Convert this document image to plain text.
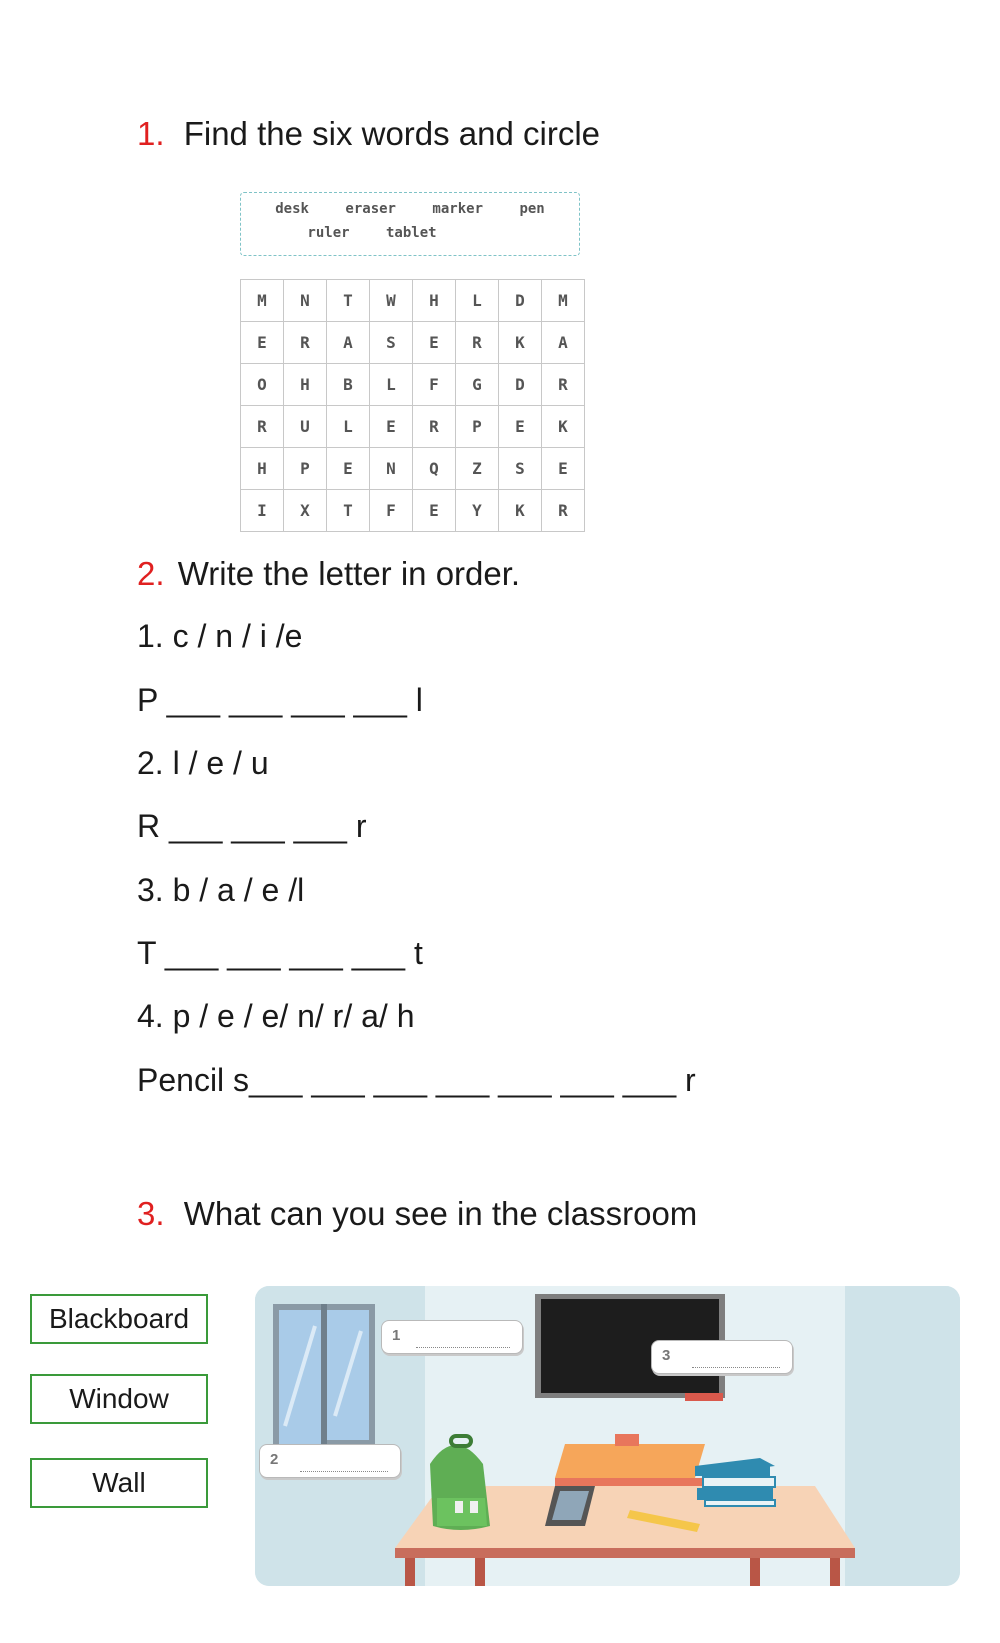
1. Find the six words and circle
desk	eraser	marker	pen
ruler	tablet
M	N	T	W	H	L	D	M
E	R	A	S	E	R	K	A
O	H	B	L	F	G	D	R
R	U	L	E	R	P	E	K
H	P	E	N	Q	Z	S	E
I	X	T	F	E	Y	K	R
2. Write the letter in order.
1. c / n / i /e
P ___ ___ ___ ___ l
2. l / e / u
R ___ ___ ___ r
3. b / a / e /l
T ___ ___ ___ ___ t
4. p / e / e/ n/ r/ a/ h
Pencil s___ ___ ___ ___ ___ ___ ___ r
3. What can you see in the classroom
Blackboard
Window
Wall
1
2
3
